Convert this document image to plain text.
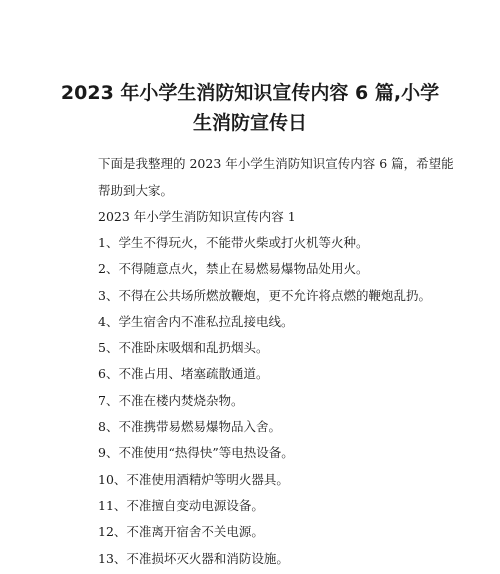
2023 年小学生消防知识宣传内容 6 篇,小学
生消防宣传日

下面是我整理的 2023 年小学生消防知识宣传内容 6 篇，希望能

帮助到大家。

2023 年小学生消防知识宣传内容 1

1、学生不得玩火，不能带火柴或打火机等火种。
2、不得随意点火，禁止在易燃易爆物品处用火。
3、不得在公共场所燃放鞭炮，更不允许将点燃的鞭炮乱扔。
4、学生宿舍内不准私拉乱接电线。
5、不准卧床吸烟和乱扔烟头。
6、不准占用、堵塞疏散通道。
7、不准在楼内焚烧杂物。
8、不准携带易燃易爆物品入舍。
9、不准使用“热得快”等电热设备。
10、不准使用酒精炉等明火器具。
11、不准擅自变动电源设备。
12、不准离开宿舍不关电源。
13、不准损坏灭火器和消防设施。
